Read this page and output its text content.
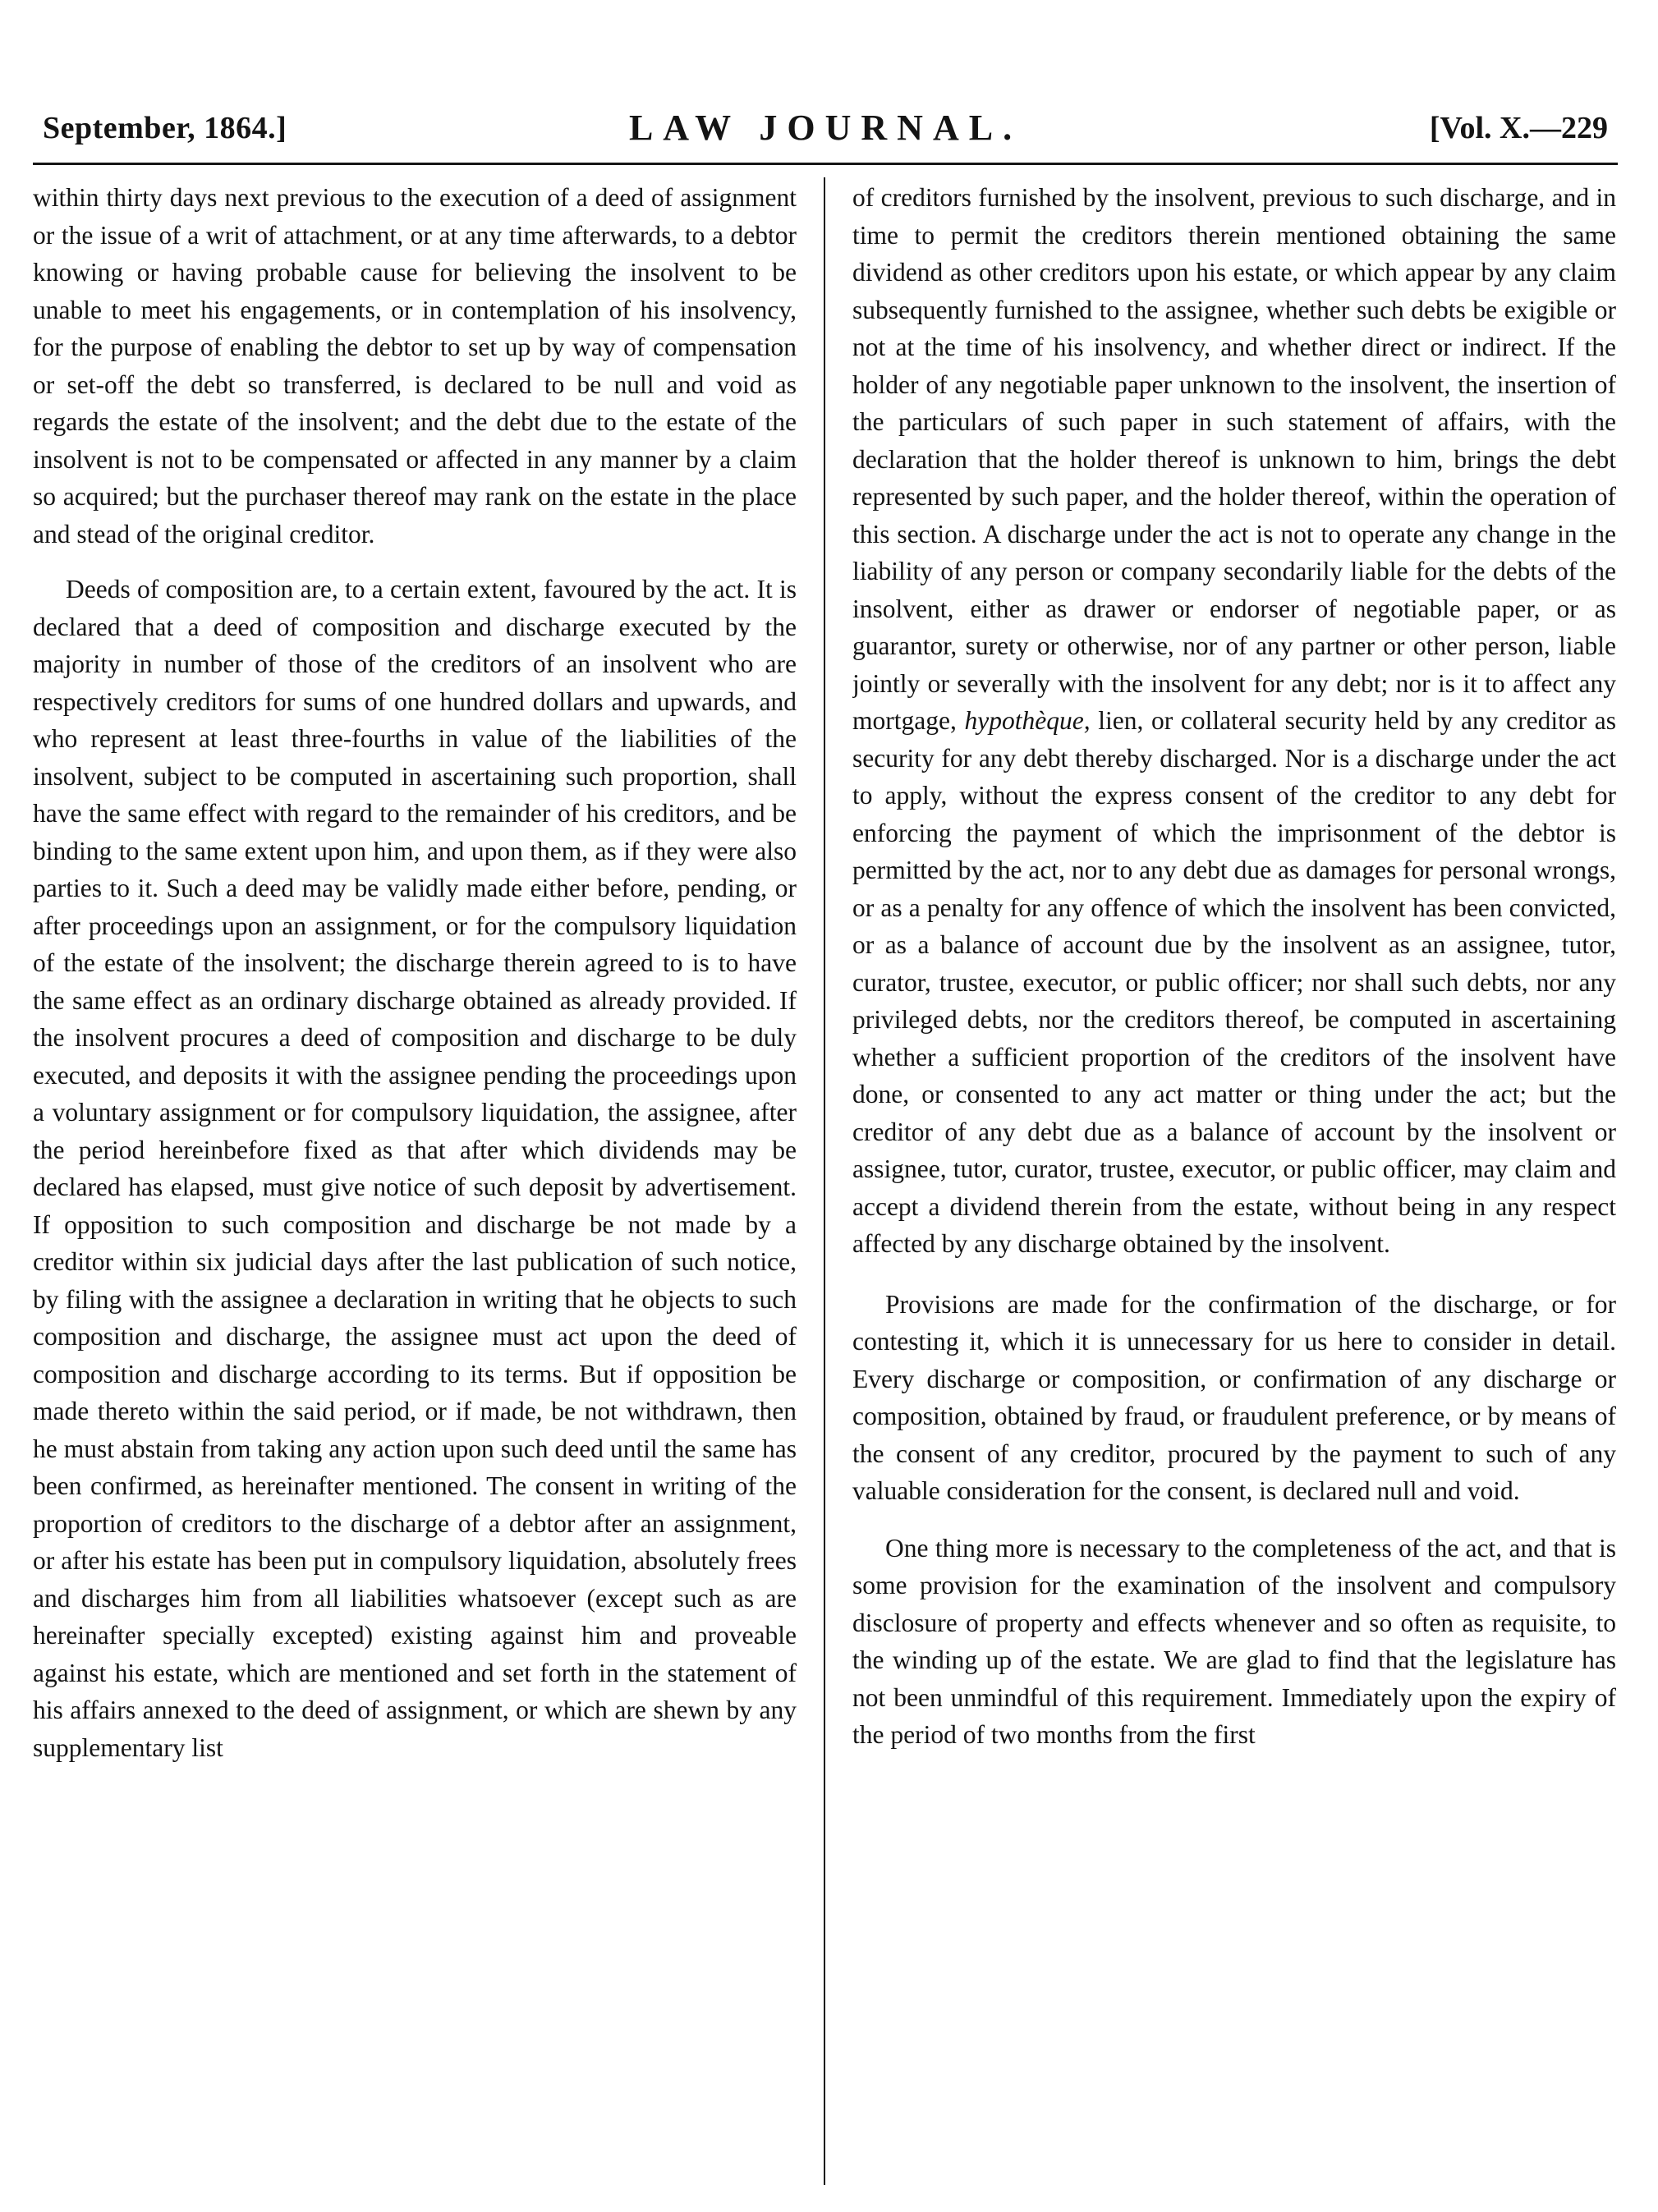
September, 1864.]	LAW JOURNAL.	[Vol. X.—229

within thirty days next previous to the execution of a deed of assignment or the issue of a writ of attachment, or at any time afterwards, to a debtor knowing or having probable cause for believing the insolvent to be unable to meet his engagements, or in contemplation of his insolvency, for the purpose of enabling the debtor to set up by way of compensation or set-off the debt so transferred, is declared to be null and void as regards the estate of the insolvent; and the debt due to the estate of the insolvent is not to be compensated or affected in any manner by a claim so acquired; but the purchaser thereof may rank on the estate in the place and stead of the original creditor.

Deeds of composition are, to a certain extent, favoured by the act. It is declared that a deed of composition and discharge executed by the majority in number of those of the creditors of an insolvent who are respectively creditors for sums of one hundred dollars and upwards, and who represent at least three-fourths in value of the liabilities of the insolvent, subject to be computed in ascertaining such proportion, shall have the same effect with regard to the remainder of his creditors, and be binding to the same extent upon him, and upon them, as if they were also parties to it. Such a deed may be validly made either before, pending, or after proceedings upon an assignment, or for the compulsory liquidation of the estate of the insolvent; the discharge therein agreed to is to have the same effect as an ordinary discharge obtained as already provided. If the insolvent procures a deed of composition and discharge to be duly executed, and deposits it with the assignee pending the proceedings upon a voluntary assignment or for compulsory liquidation, the assignee, after the period hereinbefore fixed as that after which dividends may be declared has elapsed, must give notice of such deposit by advertisement. If opposition to such composition and discharge be not made by a creditor within six judicial days after the last publication of such notice, by filing with the assignee a declaration in writing that he objects to such composition and discharge, the assignee must act upon the deed of composition and discharge according to its terms. But if opposition be made thereto within the said period, or if made, be not withdrawn, then he must abstain from taking any action upon such deed until the same has been confirmed, as hereinafter mentioned. The consent in writing of the proportion of creditors to the discharge of a debtor after an assignment, or after his estate has been put in compulsory liquidation, absolutely frees and discharges him from all liabilities whatsoever (except such as are hereinafter specially excepted) existing against him and proveable against his estate, which are mentioned and set forth in the statement of his affairs annexed to the deed of assignment, or which are shewn by any supplementary list

of creditors furnished by the insolvent, previous to such discharge, and in time to permit the creditors therein mentioned obtaining the same dividend as other creditors upon his estate, or which appear by any claim subsequently furnished to the assignee, whether such debts be exigible or not at the time of his insolvency, and whether direct or indirect. If the holder of any negotiable paper unknown to the insolvent, the insertion of the particulars of such paper in such statement of affairs, with the declaration that the holder thereof is unknown to him, brings the debt represented by such paper, and the holder thereof, within the operation of this section. A discharge under the act is not to operate any change in the liability of any person or company secondarily liable for the debts of the insolvent, either as drawer or endorser of negotiable paper, or as guarantor, surety or otherwise, nor of any partner or other person, liable jointly or severally with the insolvent for any debt; nor is it to affect any mortgage, hypothèque, lien, or collateral security held by any creditor as security for any debt thereby discharged. Nor is a discharge under the act to apply, without the express consent of the creditor to any debt for enforcing the payment of which the imprisonment of the debtor is permitted by the act, nor to any debt due as damages for personal wrongs, or as a penalty for any offence of which the insolvent has been convicted, or as a balance of account due by the insolvent as an assignee, tutor, curator, trustee, executor, or public officer; nor shall such debts, nor any privileged debts, nor the creditors thereof, be computed in ascertaining whether a sufficient proportion of the creditors of the insolvent have done, or consented to any act matter or thing under the act; but the creditor of any debt due as a balance of account by the insolvent or assignee, tutor, curator, trustee, executor, or public officer, may claim and accept a dividend therein from the estate, without being in any respect affected by any discharge obtained by the insolvent.

Provisions are made for the confirmation of the discharge, or for contesting it, which it is unnecessary for us here to consider in detail. Every discharge or composition, or confirmation of any discharge or composition, obtained by fraud, or fraudulent preference, or by means of the consent of any creditor, procured by the payment to such of any valuable consideration for the consent, is declared null and void.

One thing more is necessary to the completeness of the act, and that is some provision for the examination of the insolvent and compulsory disclosure of property and effects whenever and so often as requisite, to the winding up of the estate. We are glad to find that the legislature has not been unmindful of this requirement. Immediately upon the expiry of the period of two months from the first
